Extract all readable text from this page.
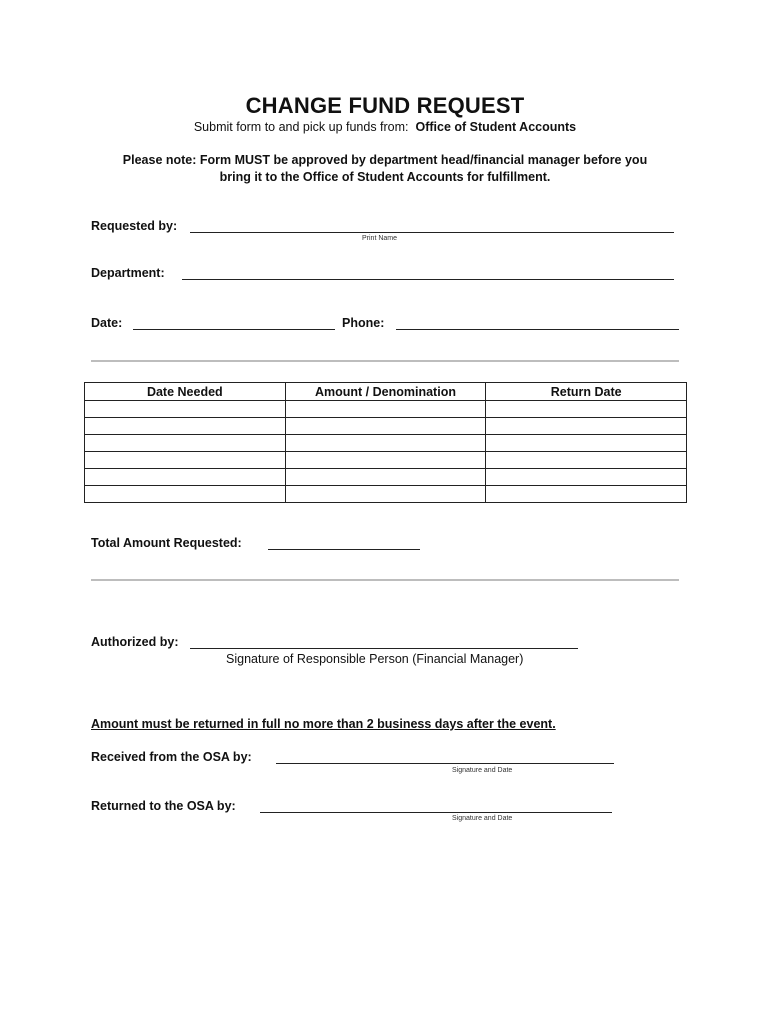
CHANGE FUND REQUEST
Submit form to and pick up funds from: Office of Student Accounts
Please note: Form MUST be approved by department head/financial manager before you
bring it to the Office of Student Accounts for fulfillment.
Requested by:
Print Name
Department:
Date:	Phone:
Date Needed	Amount / Denomination	Return Date

Total Amount Requested:
Authorized by:
Signature of Responsible Person (Financial Manager)
Amount must be returned in full no more than 2 business days after the event.
Received from the OSA by:
Signature and Date
Returned to the OSA by:
Signature and Date
